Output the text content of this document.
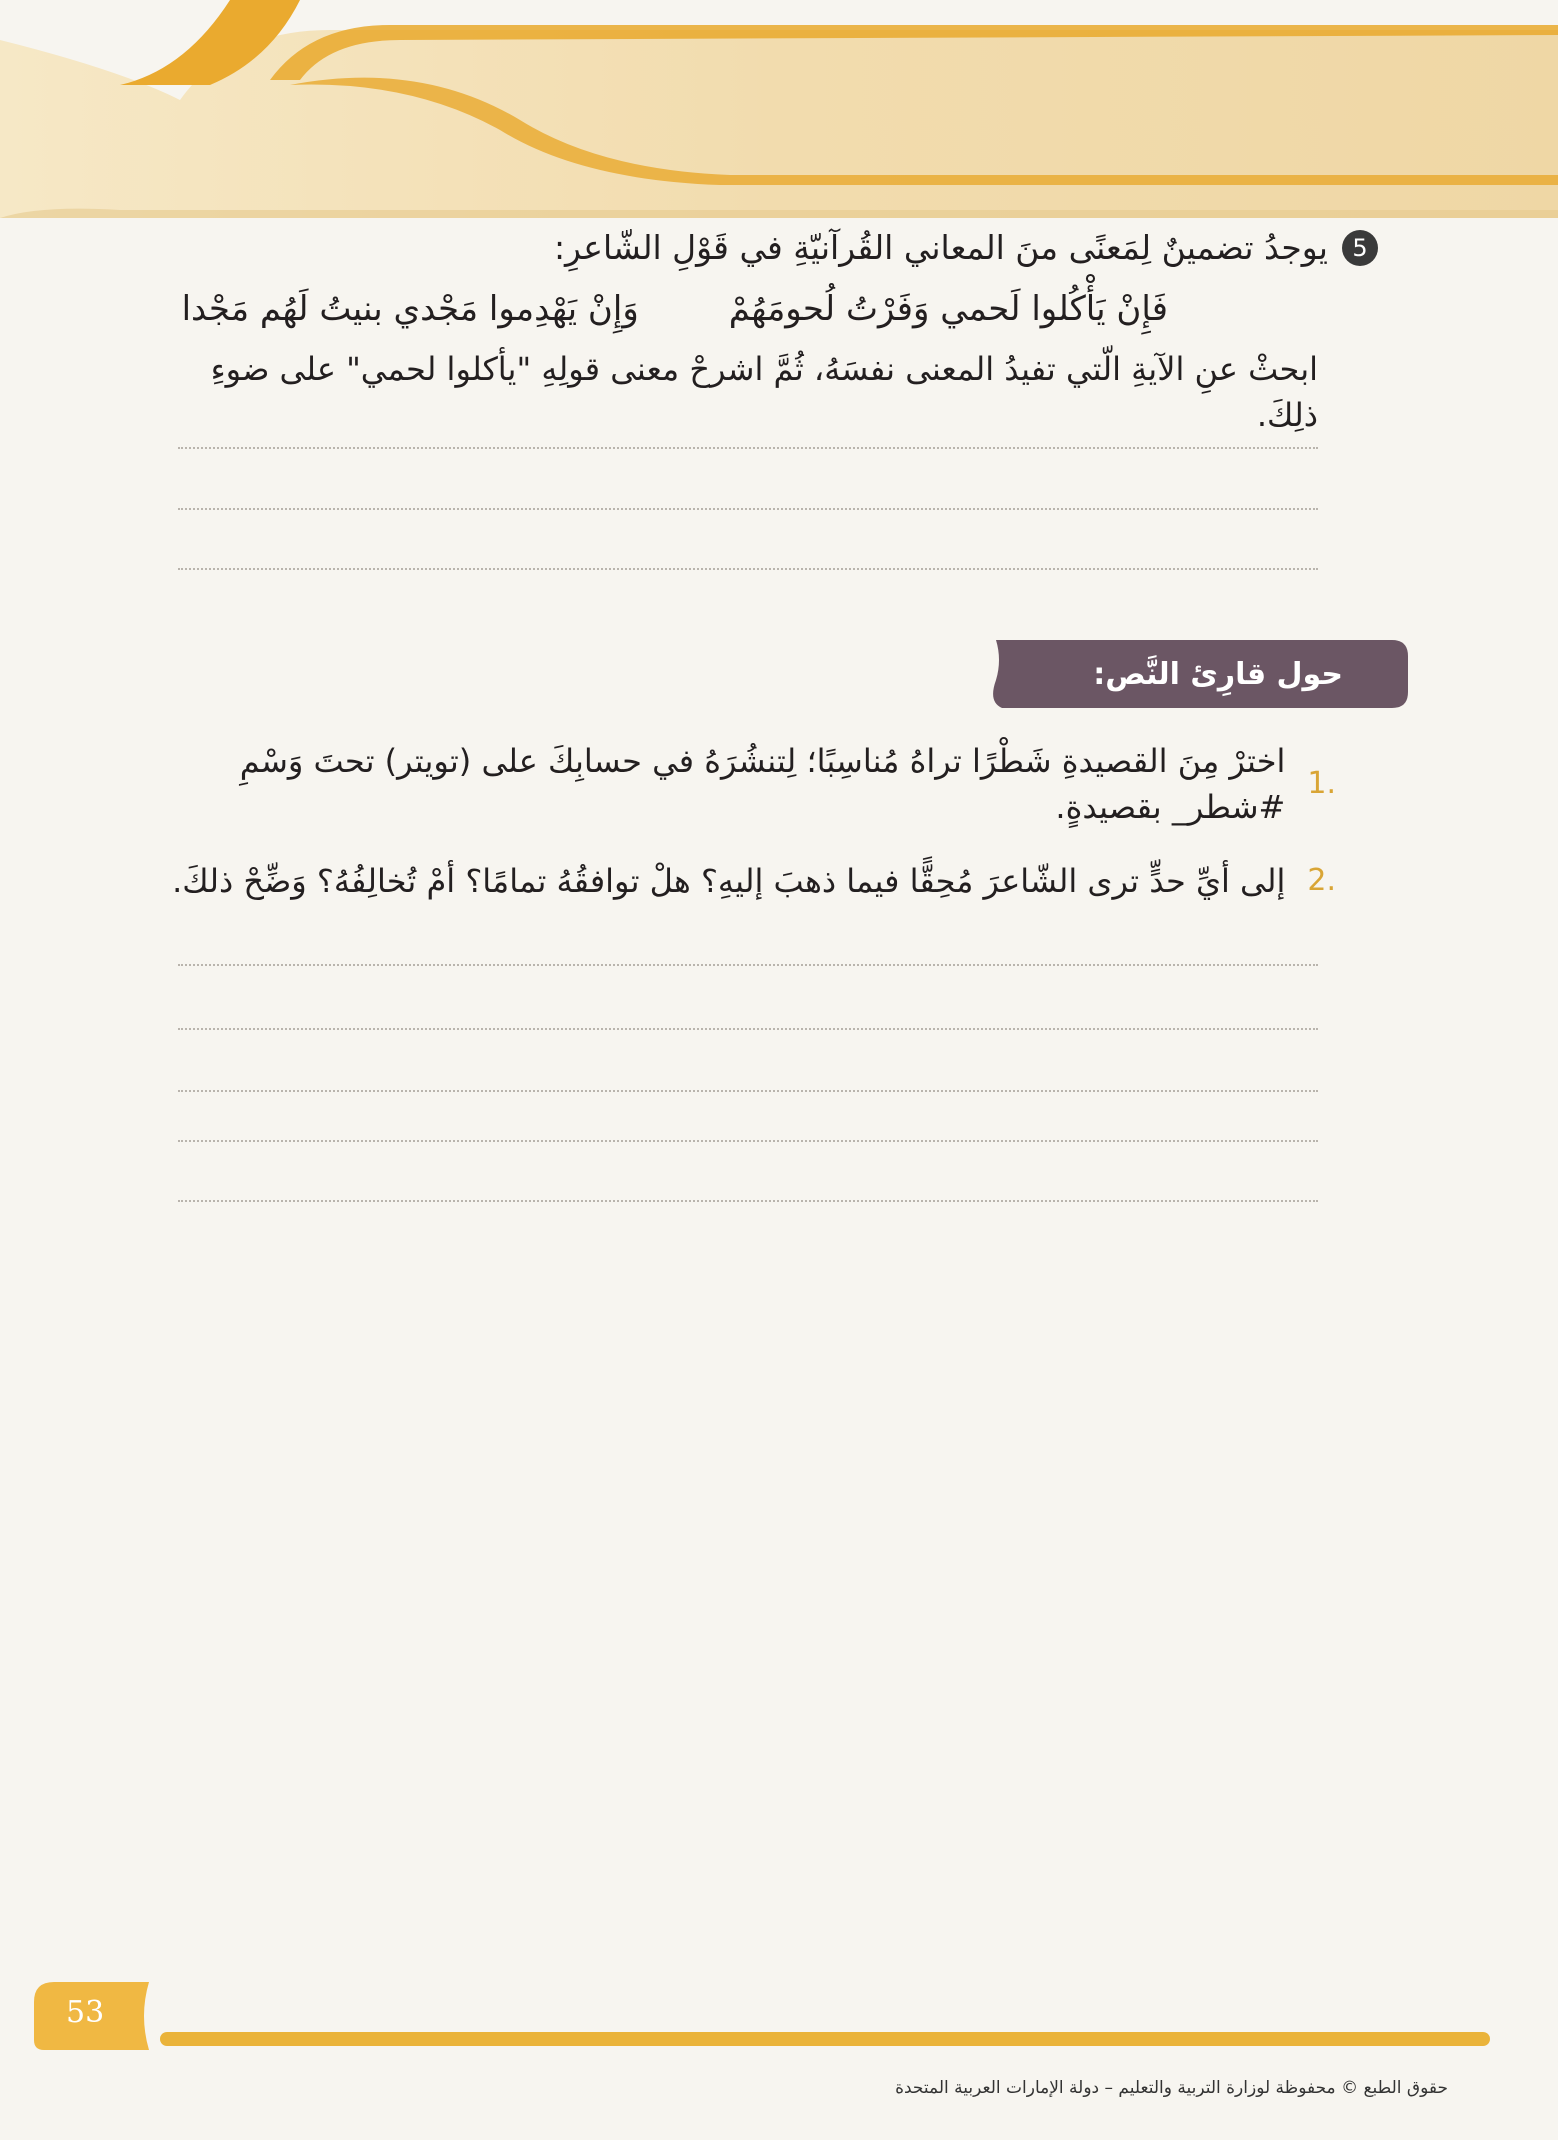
5
يوجدُ تضمينٌ لِمَعنًى منَ المعاني القُرآنيّةِ في قَوْلِ الشّاعرِ:
فَإِنْ يَأْكُلوا لَحمي وَفَرْتُ لُحومَهُمْ
وَإِنْ يَهْدِموا مَجْدي بنيتُ لَهُم مَجْدا
ابحثْ عنِ الآيةِ الّتي تفيدُ المعنى نفسَهُ، ثُمَّ اشرحْ معنى قولِهِ "يأكلوا لحمي" على ضوءِ ذلِكَ.
حول قارِئ النَّص:
.1
اخترْ مِنَ القصيدةِ شَطْرًا تراهُ مُناسِبًا؛ لِتنشُرَهُ في حسابِكَ على (تويتر) تحتَ وَسْمِ #شطر_ بقصيدةٍ.
.2
إلى أيِّ حدٍّ ترى الشّاعرَ مُحِقًّا فيما ذهبَ إليهِ؟ هلْ توافقُهُ تمامًا؟ أمْ تُخالِفُهُ؟ وَضِّحْ ذلكَ.
53
حقوق الطبع © محفوظة لوزارة التربية والتعليم – دولة الإمارات العربية المتحدة
